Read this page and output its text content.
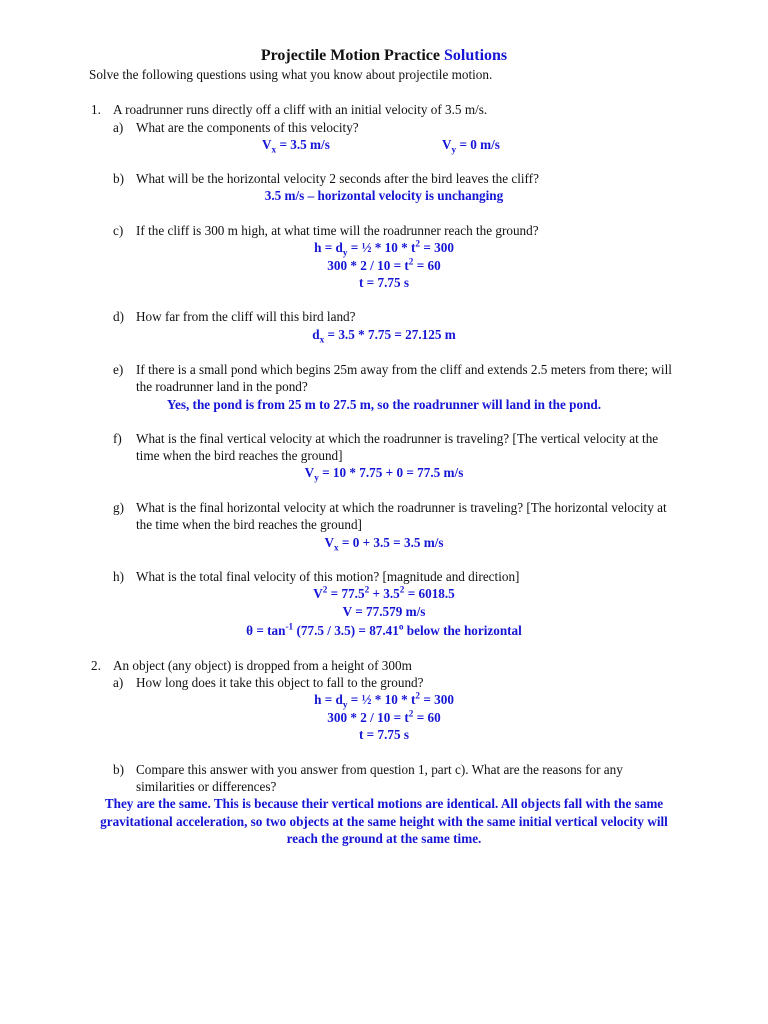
Projectile Motion Practice Solutions
Solve the following questions using what you know about projectile motion.
1. A roadrunner runs directly off a cliff with an initial velocity of 3.5 m/s.
a) What are the components of this velocity?
$V_x = 3.5$ m/s	$V_y = 0$ m/s
b) What will be the horizontal velocity 2 seconds after the bird leaves the cliff?
3.5 m/s – horizontal velocity is unchanging
c) If the cliff is 300 m high, at what time will the roadrunner reach the ground?
$h = d_y$ = ½ * $10 * t^2 = 300$
$300 * 2 / 10 = t^2 = 60$
t = 7.75 s
d) How far from the cliff will this bird land?
$d_x = 3.5 * 7.75 = 27.125$ m
e) If there is a small pond which begins 25m away from the cliff and extends 2.5 meters from there; will the roadrunner land in the pond?
Yes, the pond is from 25 m to 27.5 m, so the roadrunner will land in the pond.
f) What is the final vertical velocity at which the roadrunner is traveling? [The vertical velocity at the time when the bird reaches the ground]
$V_y = 10 * 7.75 + 0 = 77.5$ m/s
g) What is the final horizontal velocity at which the roadrunner is traveling? [The horizontal velocity at the time when the bird reaches the ground]
$V_x = 0 + 3.5 = 3.5$ m/s
h) What is the total final velocity of this motion? [magnitude and direction]
$V^2 = 77.5^2 + 3.5^2 = 6018.5$
V = 77.579 m/s
$\theta = \tan^{-1} (77.5 / 3.5) = 87.41^o$ below the horizontal
2. An object (any object) is dropped from a height of 300m
a) How long does it take this object to fall to the ground?
$h = d_y$ = ½ * $10 * t^2 = 300$
$300 * 2 / 10 = t^2 = 60$
t = 7.75 s
b) Compare this answer with you answer from question 1, part c). What are the reasons for any similarities or differences?
They are the same. This is because their vertical motions are identical. All objects fall with the same gravitational acceleration, so two objects at the same height with the same initial vertical velocity will reach the ground at the same time.
